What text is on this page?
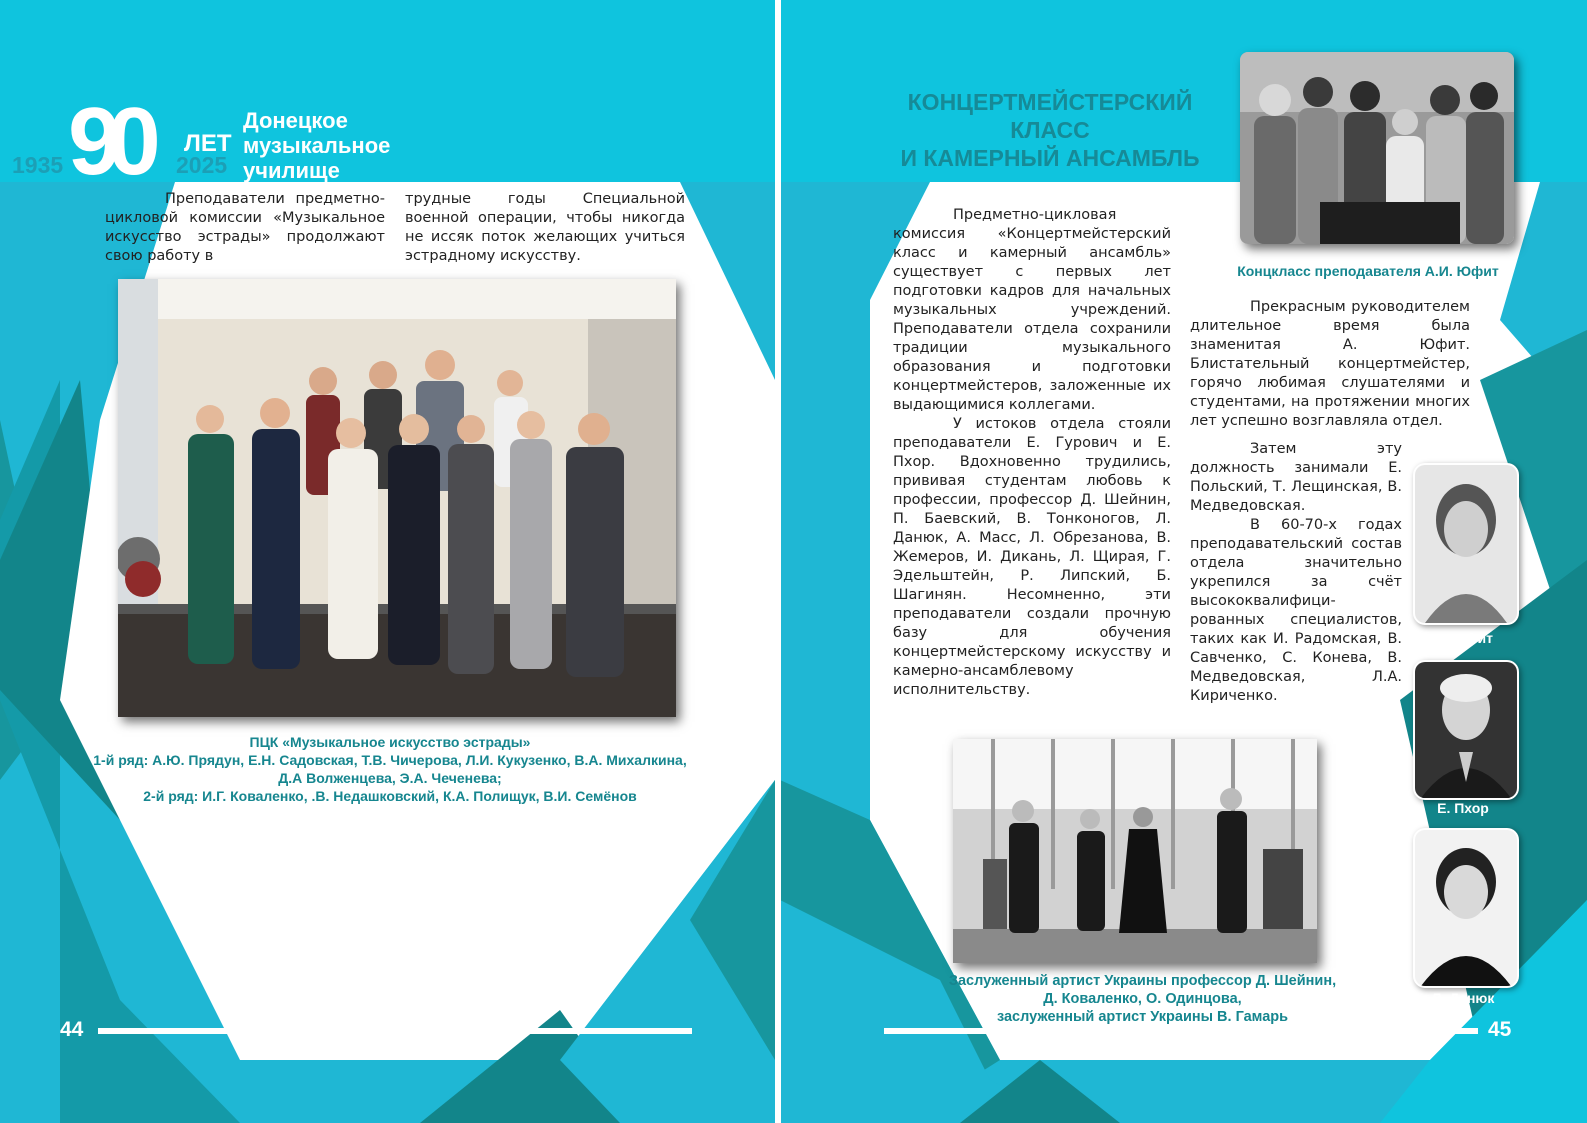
1935 90 ЛЕТ
2025
Донецкое
музыкальное
училище

Преподаватели предметно-цикловой комиссии «Музыкальное искусство эстрады» продолжают свою работу в

трудные годы Специальной военной операции, чтобы никогда не иссяк поток желающих учиться эстрадному искусству.

ПЦК «Музыкальное искусство эстрады»
1-й ряд: А.Ю. Прядун, Е.Н. Садовская, Т.В. Чичерова, Л.И. Кукузенко, В.А. Михалкина,
Д.А Волженцева, Э.А. Чеченева;
2-й ряд: И.Г. Коваленко, .В. Недашковский, К.А. Полищук, В.И. Семёнов
44
КОНЦЕРТМЕЙСТЕРСКИЙ
КЛАСС
И КАМЕРНЫЙ АНСАМБЛЬ
Концкласс преподавателя А.И. Юфит

Предметно-цикловая комиссия «Концертмейстерский класс и камерный ансамбль» существует с первых лет подготовки кадров для начальных музыкальных учреждений. Преподаватели отдела сохранили традиции музыкального образования и подготовки концертмейстеров, заложенные их выдающимися коллегами.

У истоков отдела стояли преподаватели Е. Гурович и Е. Пхор. Вдохновенно трудились, прививая студентам любовь к профессии, профессор Д. Шейнин, П. Баевский, В. Тонконогов, Л. Данюк, А. Масс, Л. Обрезанова, В. Жемеров, И. Дикань, Л. Щирая, Г. Эдельштейн, Р. Липский, Б. Шагинян. Несомненно, эти преподаватели создали прочную базу для обучения концертмейстерскому искусству и камерно-ансамблевому исполнительству.

Прекрасным руководителем длительное время была знаменитая А. Юфит. Блистательный концертмейстер, горячо любимая слушателями и студентами, на протяжении многих лет успешно возглавляла отдел.

Затем эту должность занимали Е. Польский, Т. Лещинская, В. Медведовская.

В 60-70-х годах преподавательский состав отдела значительно укрепился за счёт высококвалифици-рованных специалистов, таких как И. Радомская, В. Савченко, С. Конева, В. Медведовская, Л.А. Кириченко.

А. Юфит
Е. Пхор
Л. Данюк
Заслуженный артист Украины профессор Д. Шейнин,
Д. Коваленко, О. Одинцова,
заслуженный артист Украины В. Гамарь
45
